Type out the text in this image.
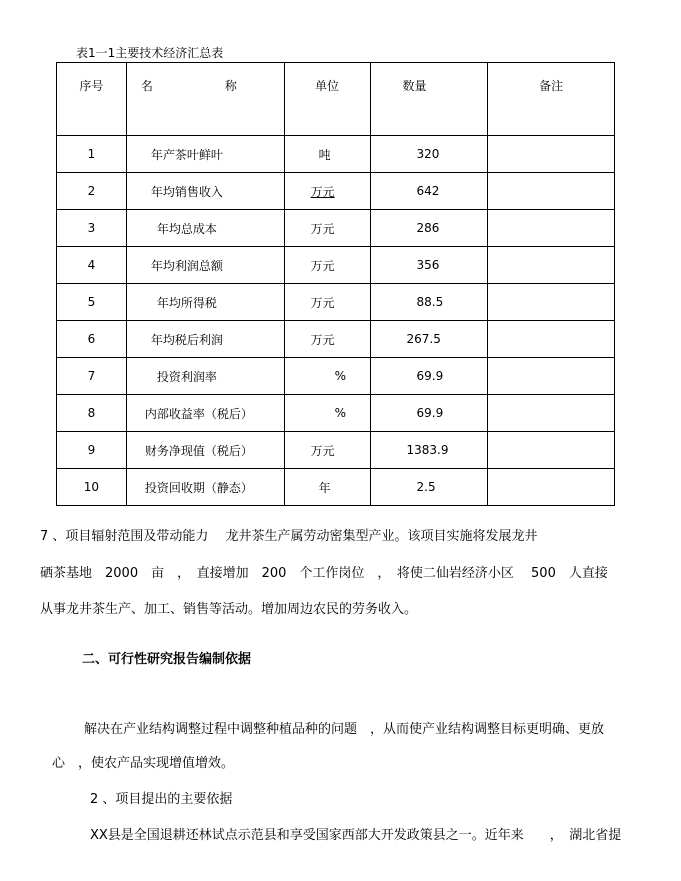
表1一1主要技术经济汇总表
序号	名 称	单位	数量	备注
1	年产茶叶鲜叶	吨	320	
2	年均销售收入	万元	642	
3	年均总成本	万元	286	
4	年均利润总额	万元	356	
5	年均所得税	万元	88.5	
6	年均税后利润	万元	267.5	
7	投资利润率	%	69.9	
8	内部收益率（税后）	%	69.9	
9	财务净现值（税后）	万元	1383.9	
10	投资回收期（静态）	年	2.5	
7 、项目辐射范围及带动能力　 龙井茶生产属劳动密集型产业。该项目实施将发展龙井
硒茶基地　2000　亩　，　直接增加　200　个工作岗位　，　将使二仙岩经济小区　 500　人直接
从事龙井茶生产、加工、销售等活动。增加周边农民的劳务收入。
二、可行性研究报告编制依据
解决在产业结构调整过程中调整种植品种的问题　，从而使产业结构调整目标更明确、更放
心　，使农产品实现增值增效。
2 、项目提出的主要依据
XX县是全国退耕还林试点示范县和享受国家西部大开发政策县之一。近年来　　，　湖北省提
